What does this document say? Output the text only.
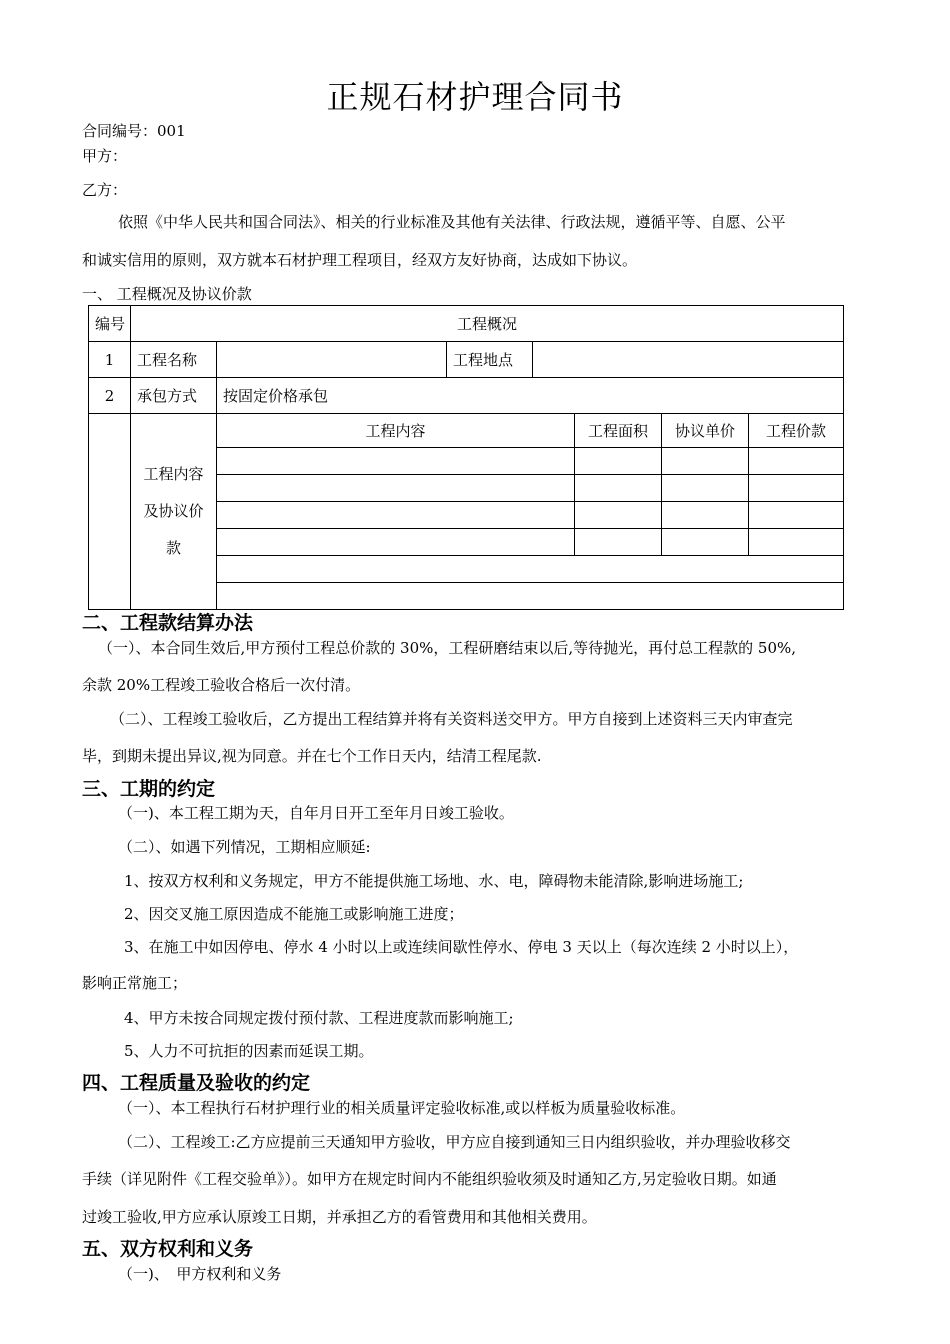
正规石材护理合同书
合同编号：001
甲方：
乙方：
依照《中华人民共和国合同法》、相关的行业标准及其他有关法律、行政法规，遵循平等、自愿、公平
和诚实信用的原则，双方就本石材护理工程项目，经双方友好协商，达成如下协议。
一、 工程概况及协议价款
编号	工程概况						
1	工程名称		工程地点				
2	承包方式	按固定价格承包					
	工程内容及协议价款	工程内容			工程面积	协议单价	工程价款

二、工程款结算办法
（一）、本合同生效后,甲方预付工程总价款的 30%，工程研磨结束以后,等待抛光，再付总工程款的 50%,
余款 20%工程竣工验收合格后一次付清。
（二）、工程竣工验收后，乙方提出工程结算并将有关资料送交甲方。甲方自接到上述资料三天内审查完
毕，到期未提出异议,视为同意。并在七个工作日天内，结清工程尾款.
三、工期的约定
（一)、本工程工期为天，自年月日开工至年月日竣工验收。
（二）、如遇下列情况，工期相应顺延:
1、按双方权利和义务规定，甲方不能提供施工场地、水、电，障碍物未能清除,影响进场施工;
2、因交叉施工原因造成不能施工或影响施工进度；
3、在施工中如因停电、停水 4 小时以上或连续间歇性停水、停电 3 天以上（每次连续 2 小时以上），
影响正常施工；
4、甲方未按合同规定拨付预付款、工程进度款而影响施工;
5、人力不可抗拒的因素而延误工期。
四、工程质量及验收的约定
（一）、本工程执行石材护理行业的相关质量评定验收标准,或以样板为质量验收标准。
（二）、工程竣工:乙方应提前三天通知甲方验收，甲方应自接到通知三日内组织验收，并办理验收移交
手续（详见附件《工程交验单》）。如甲方在规定时间内不能组织验收须及时通知乙方,另定验收日期。如通
过竣工验收,甲方应承认原竣工日期，并承担乙方的看管费用和其他相关费用。
五、双方权利和义务
（一)、　甲方权利和义务
